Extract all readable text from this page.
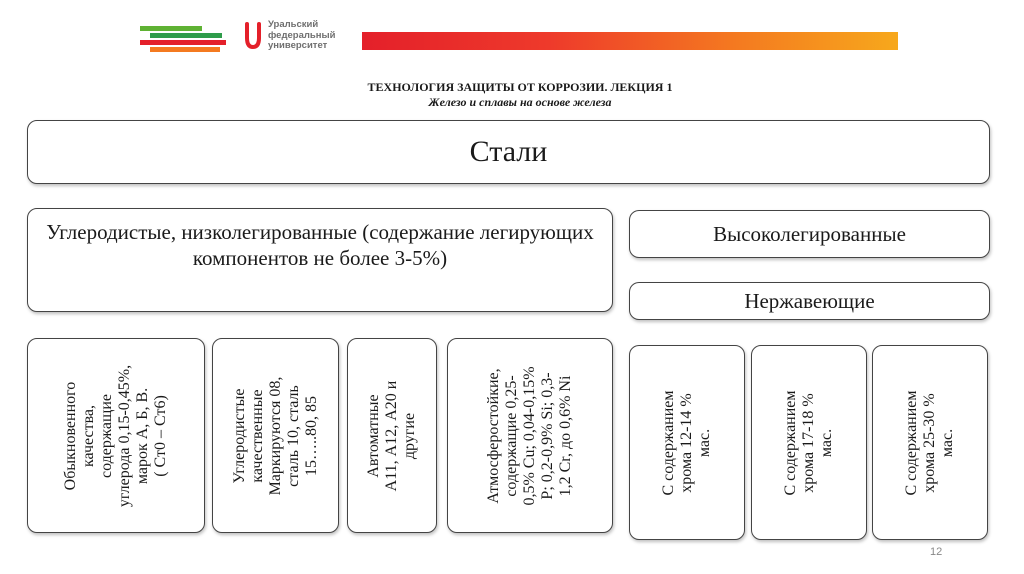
Уральский
федеральный
университет
ТЕХНОЛОГИЯ ЗАЩИТЫ ОТ КОРРОЗИИ. ЛЕКЦИЯ 1
Железо и сплавы на основе железа
Стали
Углеродистые, низколегированные (содержание легирующих компонентов не более 3-5%)
Высоколегированные
Нержавеющие
Обыкновенного качества, содержащие углерода 0,15-0,45%, марок А, Б, В. ( Ст0 – Ст6)	Углеродистые качественные Маркируются 08, сталь 10, сталь 15…..80, 85	Автоматные А11, А12, А20 и другие	Атмосферостойкие, содержащие 0,25- 0,5% Cu; 0,04-0,15% P; 0,2-0,9% Si; 0,3- 1,2 Cr, до 0,6% Ni	С содержанием хрома 12-14 % мас.	С содержанием хрома 17-18 % мас.	С содержанием хрома 25-30 % мас.
12
